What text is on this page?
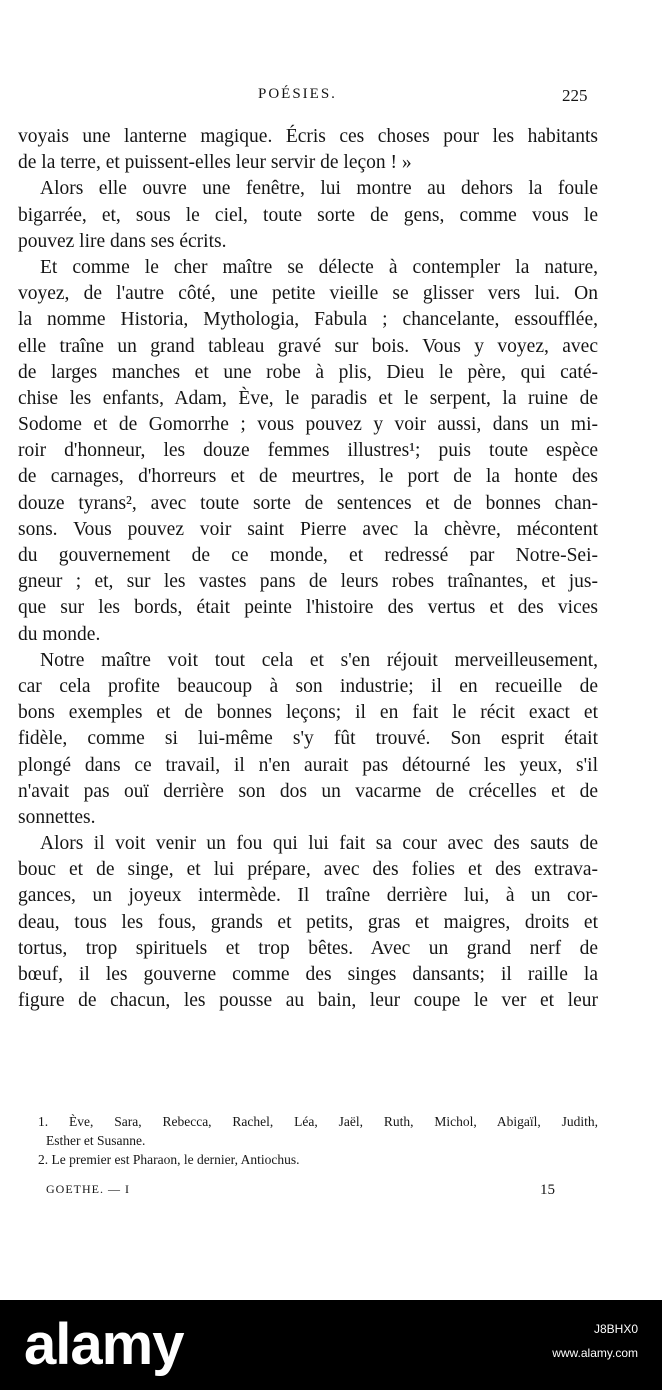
POÉSIES.	225
voyais une lanterne magique. Écris ces choses pour les habitants
de la terre, et puissent-elles leur servir de leçon ! »
Alors elle ouvre une fenêtre, lui montre au dehors la foule
bigarrée, et, sous le ciel, toute sorte de gens, comme vous le
pouvez lire dans ses écrits.
Et comme le cher maître se délecte à contempler la nature,
voyez, de l'autre côté, une petite vieille se glisser vers lui. On
la nomme Historia, Mythologia, Fabula ; chancelante, essoufflée,
elle traîne un grand tableau gravé sur bois. Vous y voyez, avec
de larges manches et une robe à plis, Dieu le père, qui caté-
chise les enfants, Adam, Ève, le paradis et le serpent, la ruine de
Sodome et de Gomorrhe ; vous pouvez y voir aussi, dans un mi-
roir d'honneur, les douze femmes illustres¹; puis toute espèce
de carnages, d'horreurs et de meurtres, le port de la honte des
douze tyrans², avec toute sorte de sentences et de bonnes chan-
sons. Vous pouvez voir saint Pierre avec la chèvre, mécontent
du gouvernement de ce monde, et redressé par Notre-Sei-
gneur ; et, sur les vastes pans de leurs robes traînantes, et jus-
que sur les bords, était peinte l'histoire des vertus et des vices
du monde.
Notre maître voit tout cela et s'en réjouit merveilleusement,
car cela profite beaucoup à son industrie; il en recueille de
bons exemples et de bonnes leçons; il en fait le récit exact et
fidèle, comme si lui-même s'y fût trouvé. Son esprit était
plongé dans ce travail, il n'en aurait pas détourné les yeux, s'il
n'avait pas ouï derrière son dos un vacarme de crécelles et de
sonnettes.
Alors il voit venir un fou qui lui fait sa cour avec des sauts de
bouc et de singe, et lui prépare, avec des folies et des extrava-
gances, un joyeux intermède. Il traîne derrière lui, à un cor-
deau, tous les fous, grands et petits, gras et maigres, droits et
tortus, trop spirituels et trop bêtes. Avec un grand nerf de
bœuf, il les gouverne comme des singes dansants; il raille la
figure de chacun, les pousse au bain, leur coupe le ver et leur
1. Ève, Sara, Rebecca, Rachel, Léa, Jaël, Ruth, Michol, Abigaïl, Judith,
Esther et Susanne.
2. Le premier est Pharaon, le dernier, Antiochus.
GOETHE. — I	15
alamy	J8BHX0
www.alamy.com
